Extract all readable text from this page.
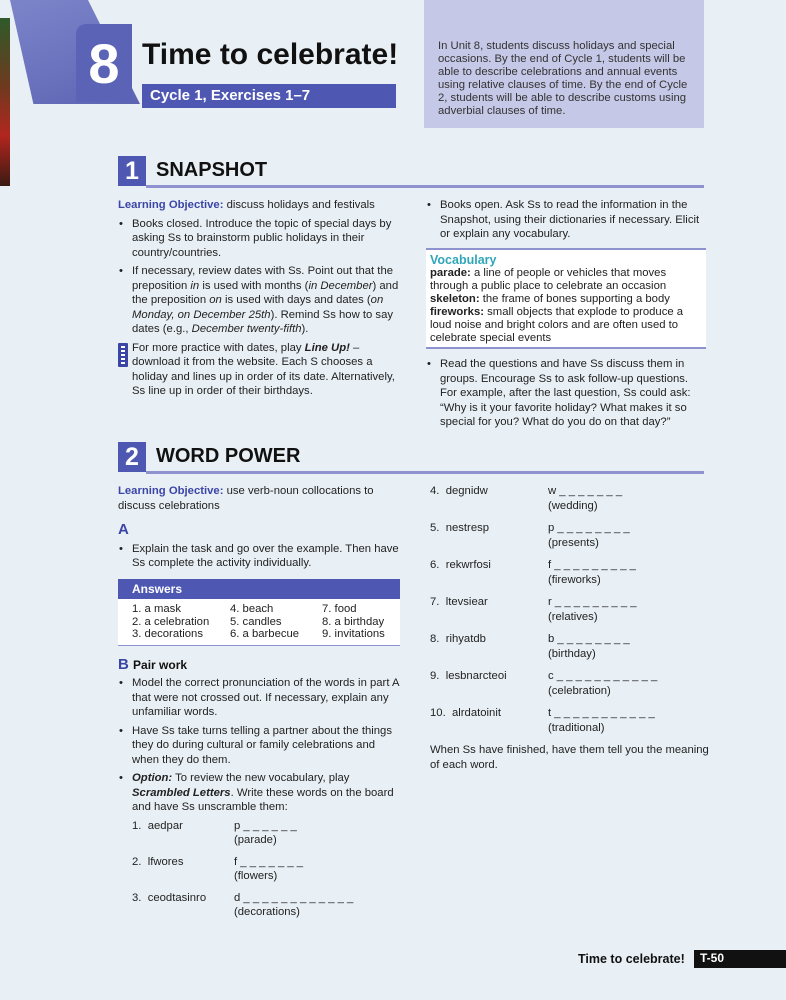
8 Time to celebrate!
Cycle 1, Exercises 1–7
In Unit 8, students discuss holidays and special occasions. By the end of Cycle 1, students will be able to describe celebrations and annual events using relative clauses of time. By the end of Cycle 2, students will be able to describe customs using adverbial clauses of time.
1 SNAPSHOT

Learning Objective: discuss holidays and festivals

• Books closed. Introduce the topic of special days by asking Ss to brainstorm public holidays in their country/countries.
• If necessary, review dates with Ss. Point out that the preposition in is used with months (in December) and the preposition on is used with days and dates (on Monday, on December 25th). Remind Ss how to say dates (e.g., December twenty-fifth).

For more practice with dates, play Line Up! – download it from the website. Each S chooses a holiday and lines up in order of its date. Alternatively, Ss line up in order of their birthdays.

• Books open. Ask Ss to read the information in the Snapshot, using their dictionaries if necessary. Elicit or explain any vocabulary.
Vocabulary
parade: a line of people or vehicles that moves through a public place to celebrate an occasion
skeleton: the frame of bones supporting a body
fireworks: small objects that explode to produce a loud noise and bright colors and are often used to celebrate special events
• Read the questions and have Ss discuss them in groups. Encourage Ss to ask follow-up questions. For example, after the last question, Ss could ask: “Why is it your favorite holiday? What makes it so special for you? What do you do on that day?”
2 WORD POWER

Learning Objective: use verb-noun collocations to discuss celebrations

A
• Explain the task and go over the example. Then have Ss complete the activity individually.
Answers
1. a mask	4. beach	7. food
2. a celebration	5. candles	8. a birthday
3. decorations	6. a barbecue	9. invitations
B Pair work
• Model the correct pronunciation of the words in part A that were not crossed out. If necessary, explain any unfamiliar words.
• Have Ss take turns telling a partner about the things they do during cultural or family celebrations and when they do them.
• Option: To review the new vocabulary, play Scrambled Letters. Write these words on the board and have Ss unscramble them:
1. aedpar	p _ _ _ _ _ _
(parade)
2. lfwores	f _ _ _ _ _ _ _
(flowers)
3. ceodtasinro	d _ _ _ _ _ _ _ _ _ _ _ _
(decorations)
4. degnidw	w _ _ _ _ _ _ _
(wedding)
5. nestresp	p _ _ _ _ _ _ _ _
(presents)
6. rekwrfosi	f _ _ _ _ _ _ _ _ _
(fireworks)
7. ltevsiear	r _ _ _ _ _ _ _ _ _
(relatives)
8. rihyatdb	b _ _ _ _ _ _ _ _
(birthday)
9. lesbnarcteoi	c _ _ _ _ _ _ _ _ _ _ _
(celebration)
10. alrdatoinit	t _ _ _ _ _ _ _ _ _ _ _
(traditional)

When Ss have finished, have them tell you the meaning of each word.

Time to celebrate!	T-50
